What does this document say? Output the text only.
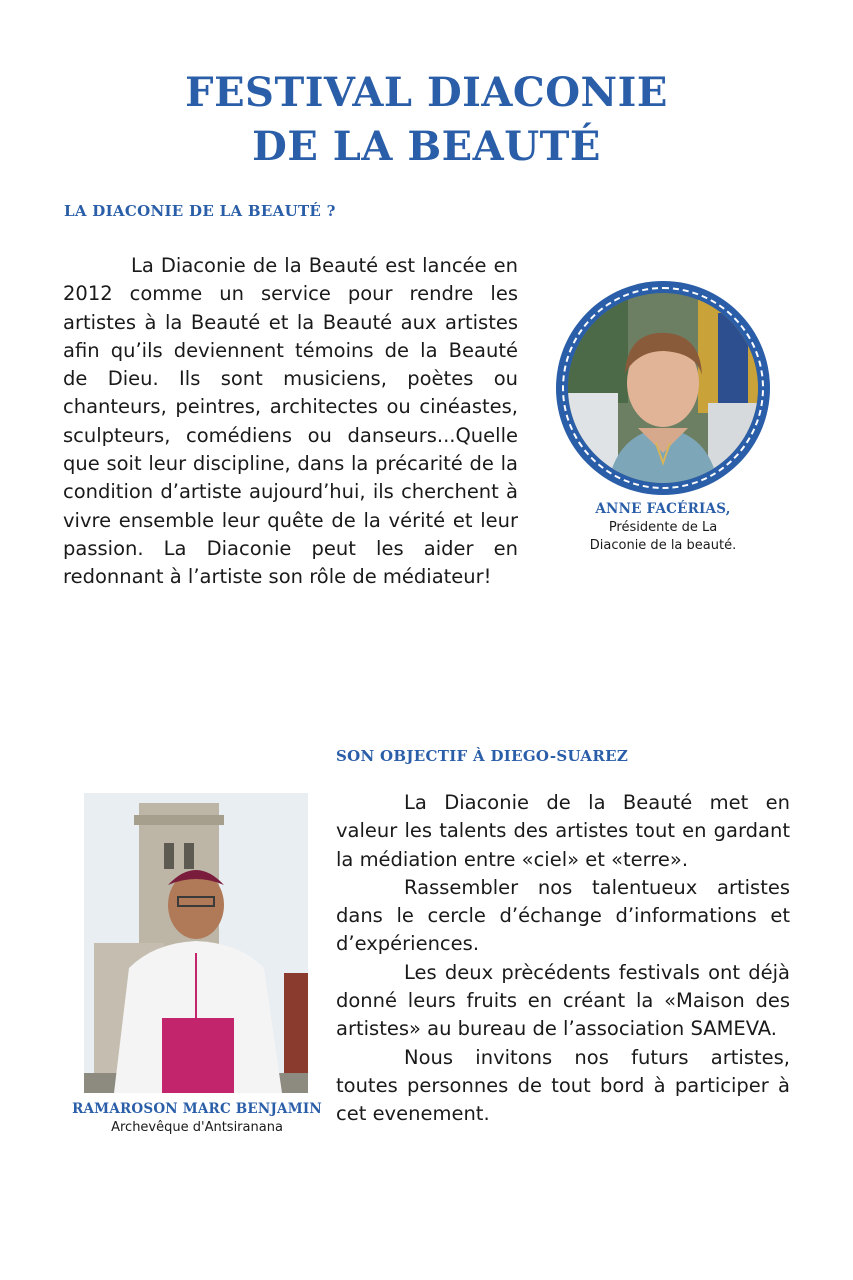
FESTIVAL DIACONIE
DE LA BEAUTÉ
LA DIACONIE DE LA BEAUTÉ ?

La Diaconie de la Beauté est lancée en 2012 comme un service pour rendre les artistes à la Beauté et la Beauté aux artistes afin qu’ils deviennent témoins de la Beauté de Dieu. Ils sont musiciens, poètes ou chanteurs, peintres, architectes ou cinéastes, sculpteurs, comédiens ou danseurs...Quelle que soit leur discipline, dans la précarité de la condition d’artiste aujourd’hui, ils cherchent à vivre ensemble leur quête de la vérité et leur passion. La Diaconie peut les aider en redonnant à l’artiste son rôle de médiateur!

ANNE FACÉRIAS,
Présidente de La
Diaconie de la beauté.
SON OBJECTIF À DIEGO-SUAREZ
RAMAROSON MARC BENJAMIN
Archevêque d'Antsiranana

La Diaconie de la Beauté met en valeur les talents des artistes tout en gardant la médiation entre «ciel» et «terre».

Rassembler nos talentueux artistes dans le cercle d’échange d’informations et d’expériences.

Les deux prècédents festivals ont déjà donné leurs fruits en créant la «Maison des artistes» au bureau de l’association SAMEVA.

Nous invitons nos futurs artistes, toutes personnes de tout bord à participer à cet evenement.
